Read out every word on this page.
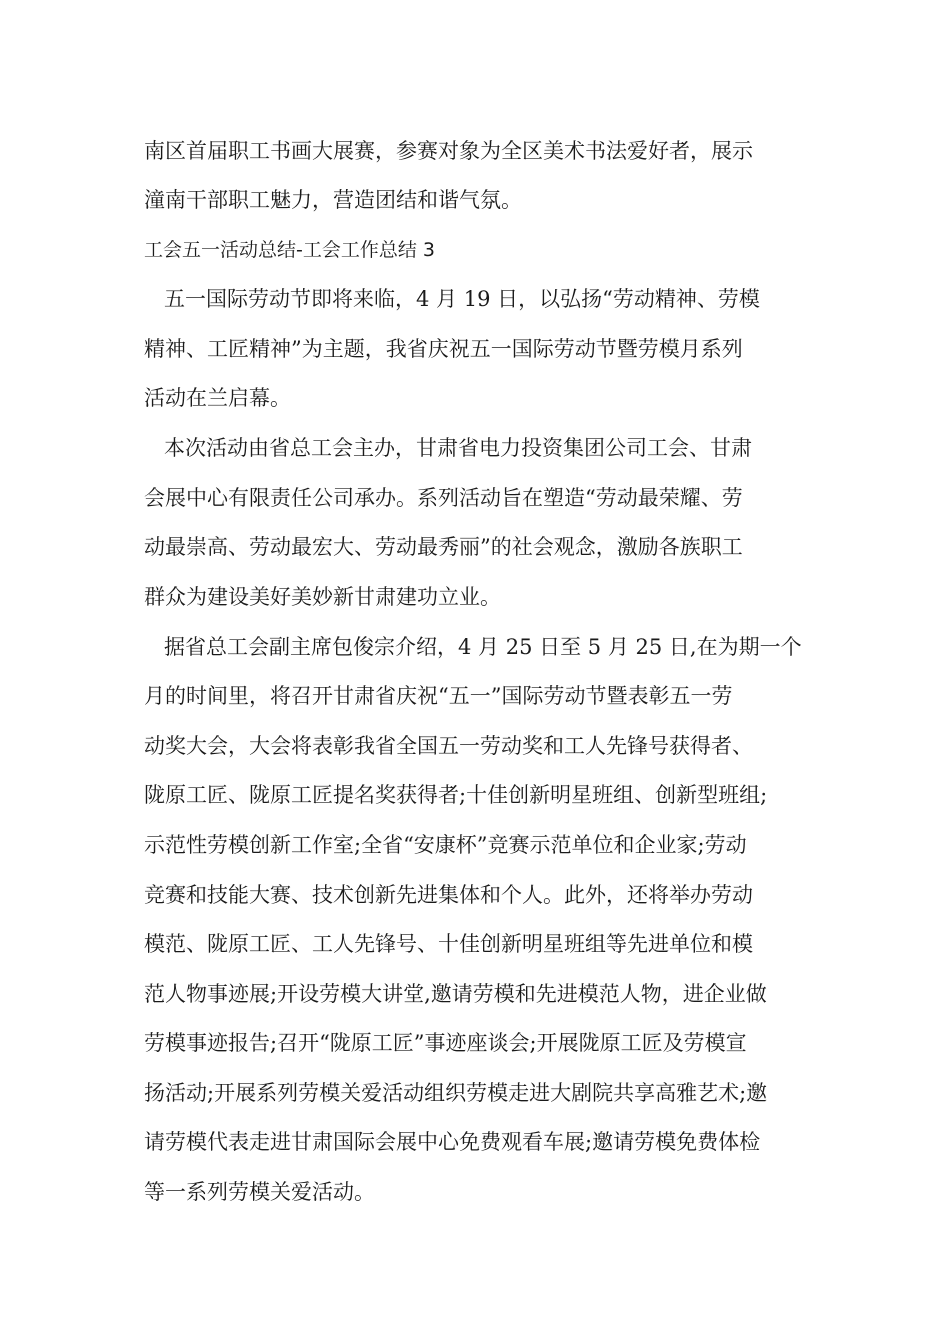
南区首届职工书画大展赛，参赛对象为全区美术书法爱好者，展示
潼南干部职工魅力，营造团结和谐气氛。
工会五一活动总结-工会工作总结 3
五一国际劳动节即将来临，4 月 19 日，以弘扬“劳动精神、劳模
精神、工匠精神”为主题，我省庆祝五一国际劳动节暨劳模月系列
活动在兰启幕。
本次活动由省总工会主办，甘肃省电力投资集团公司工会、甘肃
会展中心有限责任公司承办。系列活动旨在塑造“劳动最荣耀、劳
动最崇高、劳动最宏大、劳动最秀丽”的社会观念，激励各族职工
群众为建设美好美妙新甘肃建功立业。
据省总工会副主席包俊宗介绍，4 月 25 日至 5 月 25 日,在为期一个
月的时间里，将召开甘肃省庆祝“五一”国际劳动节暨表彰五一劳
动奖大会，大会将表彰我省全国五一劳动奖和工人先锋号获得者、
陇原工匠、陇原工匠提名奖获得者;十佳创新明星班组、创新型班组;
示范性劳模创新工作室;全省“安康杯”竞赛示范单位和企业家;劳动
竞赛和技能大赛、技术创新先进集体和个人。此外，还将举办劳动
模范、陇原工匠、工人先锋号、十佳创新明星班组等先进单位和模
范人物事迹展;开设劳模大讲堂,邀请劳模和先进模范人物，进企业做
劳模事迹报告;召开“陇原工匠”事迹座谈会;开展陇原工匠及劳模宣
扬活动;开展系列劳模关爱活动组织劳模走进大剧院共享高雅艺术;邀
请劳模代表走进甘肃国际会展中心免费观看车展;邀请劳模免费体检
等一系列劳模关爱活动。
